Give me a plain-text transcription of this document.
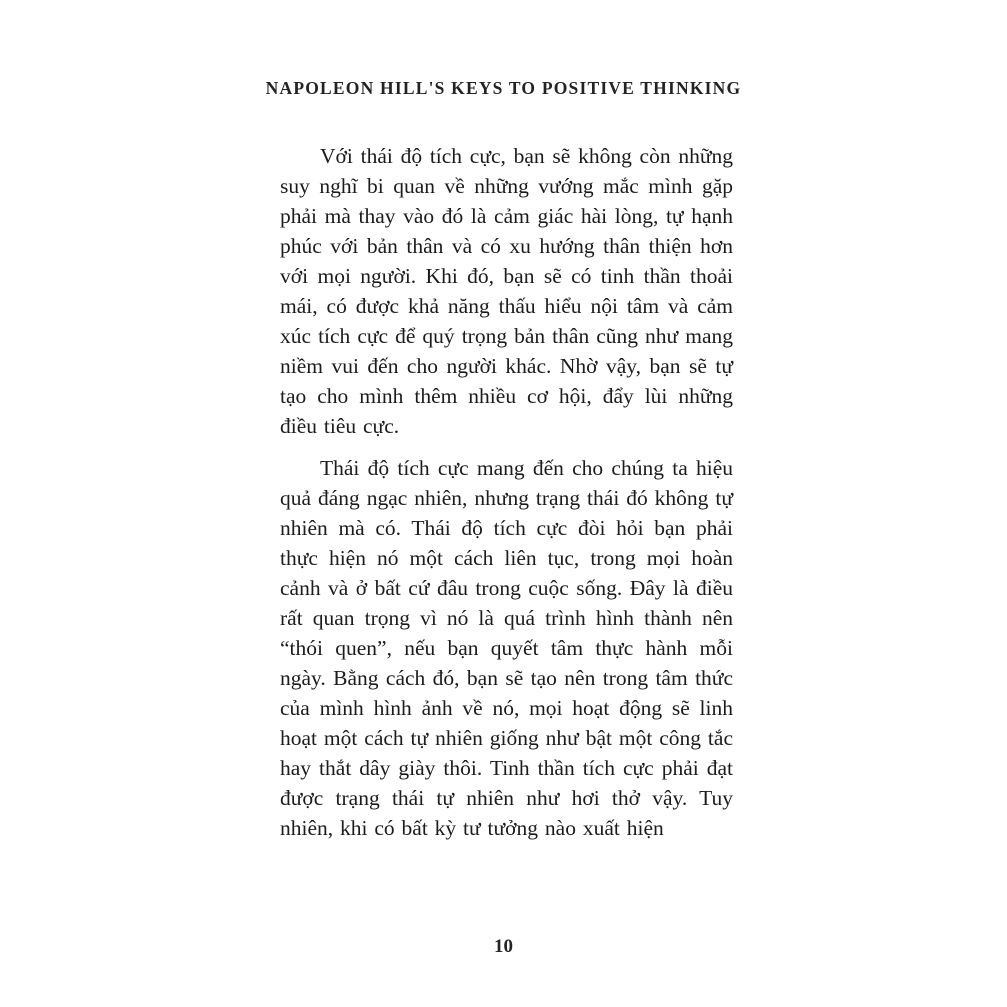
NAPOLEON HILL'S KEYS TO POSITIVE THINKING

Với thái độ tích cực, bạn sẽ không còn những suy nghĩ bi quan về những vướng mắc mình gặp phải mà thay vào đó là cảm giác hài lòng, tự hạnh phúc với bản thân và có xu hướng thân thiện hơn với mọi người. Khi đó, bạn sẽ có tinh thần thoải mái, có được khả năng thấu hiểu nội tâm và cảm xúc tích cực để quý trọng bản thân cũng như mang niềm vui đến cho người khác. Nhờ vậy, bạn sẽ tự tạo cho mình thêm nhiều cơ hội, đẩy lùi những điều tiêu cực.

Thái độ tích cực mang đến cho chúng ta hiệu quả đáng ngạc nhiên, nhưng trạng thái đó không tự nhiên mà có. Thái độ tích cực đòi hỏi bạn phải thực hiện nó một cách liên tục, trong mọi hoàn cảnh và ở bất cứ đâu trong cuộc sống. Đây là điều rất quan trọng vì nó là quá trình hình thành nên “thói quen”, nếu bạn quyết tâm thực hành mỗi ngày. Bằng cách đó, bạn sẽ tạo nên trong tâm thức của mình hình ảnh về nó, mọi hoạt động sẽ linh hoạt một cách tự nhiên giống như bật một công tắc hay thắt dây giày thôi. Tinh thần tích cực phải đạt được trạng thái tự nhiên như hơi thở vậy. Tuy nhiên, khi có bất kỳ tư tưởng nào xuất hiện

10
